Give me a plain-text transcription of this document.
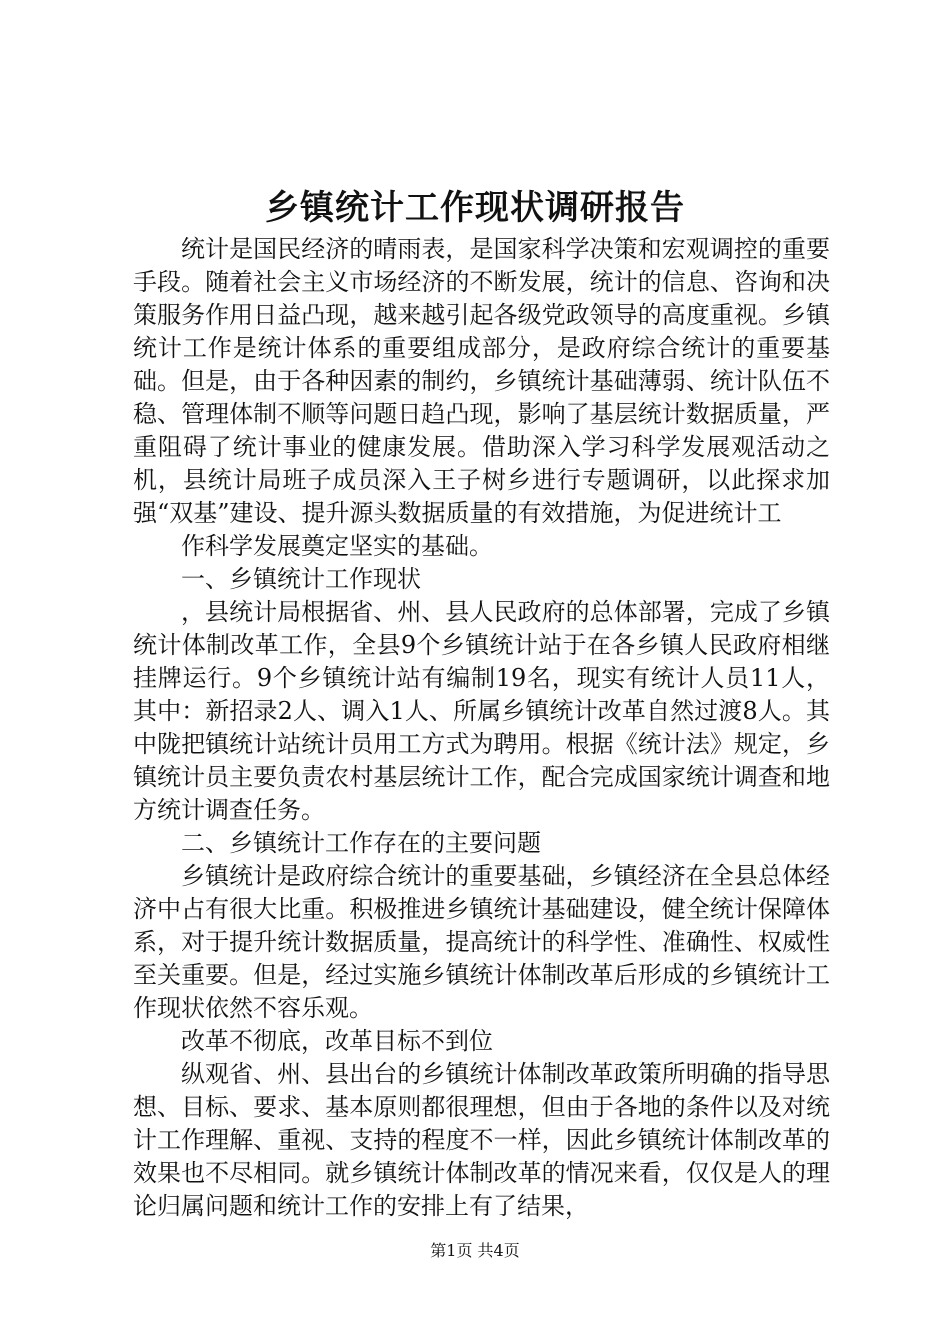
乡镇统计工作现状调研报告

统计是国民经济的晴雨表，是国家科学决策和宏观调控的重要手段。随着社会主义市场经济的不断发展，统计的信息、咨询和决策服务作用日益凸现，越来越引起各级党政领导的高度重视。乡镇统计工作是统计体系的重要组成部分，是政府综合统计的重要基础。但是，由于各种因素的制约，乡镇统计基础薄弱、统计队伍不稳、管理体制不顺等问题日趋凸现，影响了基层统计数据质量，严重阻碍了统计事业的健康发展。借助深入学习科学发展观活动之机，县统计局班子成员深入王子树乡进行专题调研，以此探求加强“双基”建设、提升源头数据质量的有效措施，为促进统计工

作科学发展奠定坚实的基础。

一、乡镇统计工作现状

，县统计局根据省、州、县人民政府的总体部署，完成了乡镇统计体制改革工作，全县9个乡镇统计站于在各乡镇人民政府相继挂牌运行。9个乡镇统计站有编制19名，现实有统计人员11人，其中：新招录2人、调入1人、所属乡镇统计改革自然过渡8人。其中陇把镇统计站统计员用工方式为聘用。根据《统计法》规定，乡镇统计员主要负责农村基层统计工作，配合完成国家统计调查和地方统计调查任务。

二、乡镇统计工作存在的主要问题

乡镇统计是政府综合统计的重要基础，乡镇经济在全县总体经济中占有很大比重。积极推进乡镇统计基础建设，健全统计保障体系，对于提升统计数据质量，提高统计的科学性、准确性、权威性至关重要。但是，经过实施乡镇统计体制改革后形成的乡镇统计工作现状依然不容乐观。

改革不彻底，改革目标不到位

纵观省、州、县出台的乡镇统计体制改革政策所明确的指导思想、目标、要求、基本原则都很理想，但由于各地的条件以及对统计工作理解、重视、支持的程度不一样，因此乡镇统计体制改革的效果也不尽相同。就乡镇统计体制改革的情况来看，仅仅是人的理论归属问题和统计工作的安排上有了结果，

第1页 共4页
